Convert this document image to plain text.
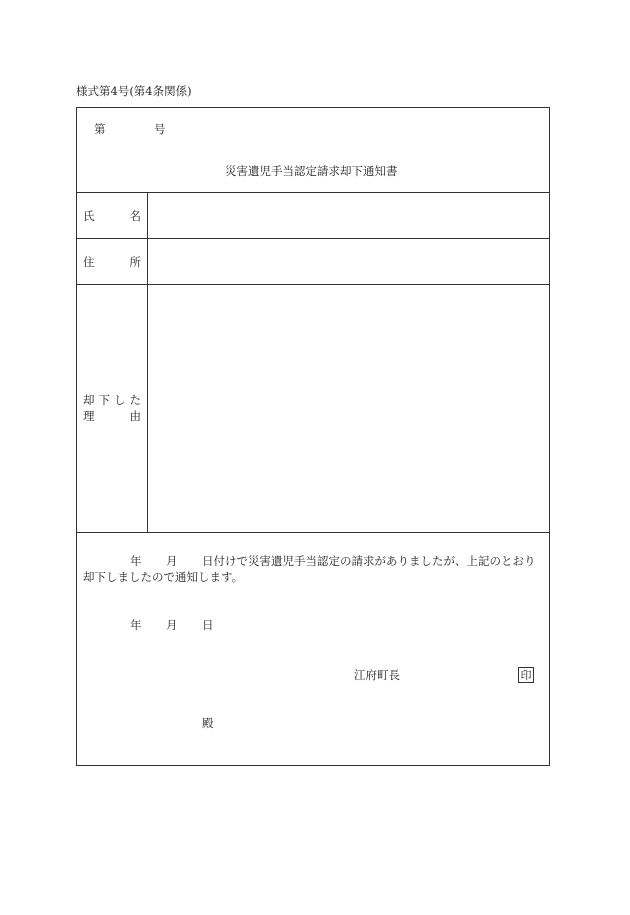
様式第4号(第4条関係)
第	号
災害遺児手当認定請求却下通知書
氏	名
住	所
却 下 し た
理	由
年 月 日付けで災害遺児手当認定の請求がありましたが、上記のとおり
却下しましたので通知します。
年 月 日
江府町長	印
殿
